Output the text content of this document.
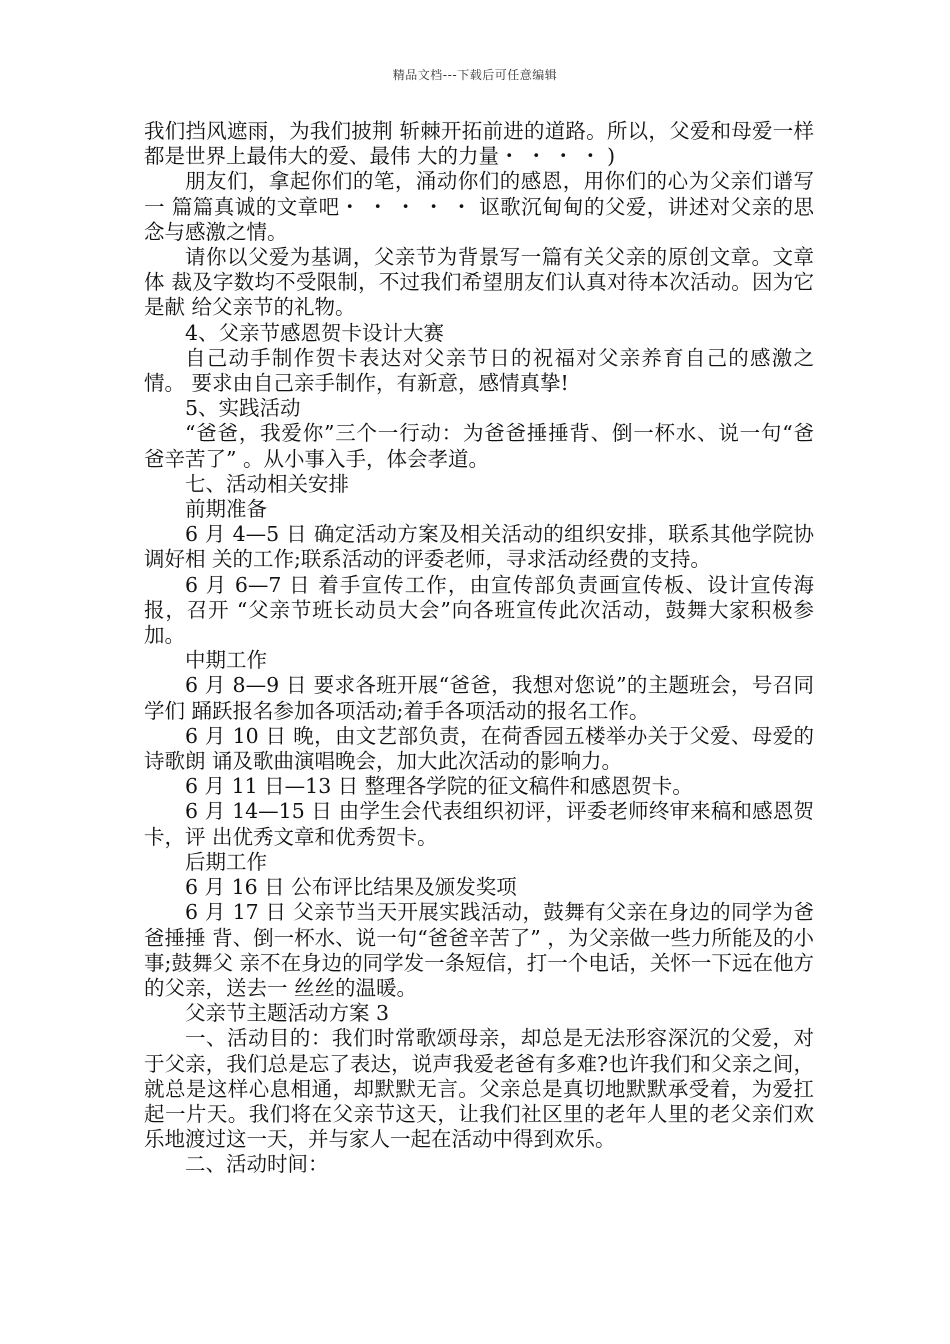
精品文档---下载后可任意编辑

我们挡风遮雨，为我们披荆 斩棘开拓前进的道路。所以，父爱和母爱一样都是世界上最伟大的爱、最伟 大的力量・ ・ ・ ・ )

朋友们，拿起你们的笔，涌动你们的感恩，用你们的心为父亲们谱写一 篇篇真诚的文章吧・ ・ ・ ・ ・ 讴歌沉甸甸的父爱，讲述对父亲的思念与感激之情。

请你以父爱为基调，父亲节为背景写一篇有关父亲的原创文章。文章体 裁及字数均不受限制，不过我们希望朋友们认真对待本次活动。因为它是献 给父亲节的礼物。

4、父亲节感恩贺卡设计大赛

自己动手制作贺卡表达对父亲节日的祝福对父亲养育自己的感激之情。 要求由自己亲手制作，有新意，感情真挚!

5、实践活动

“爸爸，我爱你”三个一行动：为爸爸捶捶背、倒一杯水、说一句“爸 爸辛苦了” 。从小事入手，体会孝道。

七、活动相关安排

前期准备

6 月 4—5 日 确定活动方案及相关活动的组织安排，联系其他学院协调好相 关的工作;联系活动的评委老师，寻求活动经费的支持。

6 月 6—7 日 着手宣传工作，由宣传部负责画宣传板、设计宣传海报，召开 “父亲节班长动员大会”向各班宣传此次活动，鼓舞大家积极参加。

中期工作

6 月 8—9 日 要求各班开展“爸爸，我想对您说”的主题班会，号召同学们 踊跃报名参加各项活动;着手各项活动的报名工作。

6 月 10 日 晚，由文艺部负责，在荷香园五楼举办关于父爱、母爱的诗歌朗 诵及歌曲演唱晚会，加大此次活动的影响力。

6 月 11 日—13 日 整理各学院的征文稿件和感恩贺卡。

6 月 14—15 日 由学生会代表组织初评，评委老师终审来稿和感恩贺卡，评 出优秀文章和优秀贺卡。

后期工作

6 月 16 日 公布评比结果及颁发奖项

6 月 17 日 父亲节当天开展实践活动，鼓舞有父亲在身边的同学为爸爸捶捶 背、倒一杯水、说一句“爸爸辛苦了” ，为父亲做一些力所能及的小事;鼓舞父 亲不在身边的同学发一条短信，打一个电话，关怀一下远在他方的父亲，送去一 丝丝的温暖。

父亲节主题活动方案 3

一、活动目的：我们时常歌颂母亲，却总是无法形容深沉的父爱，对于父亲，我们总是忘了表达，说声我爱老爸有多难?也许我们和父亲之间，就总是这样心息相通，却默默无言。父亲总是真切地默默承受着，为爱扛起一片天。我们将在父亲节这天，让我们社区里的老年人里的老父亲们欢乐地渡过这一天，并与家人一起在活动中得到欢乐。

二、活动时间：
